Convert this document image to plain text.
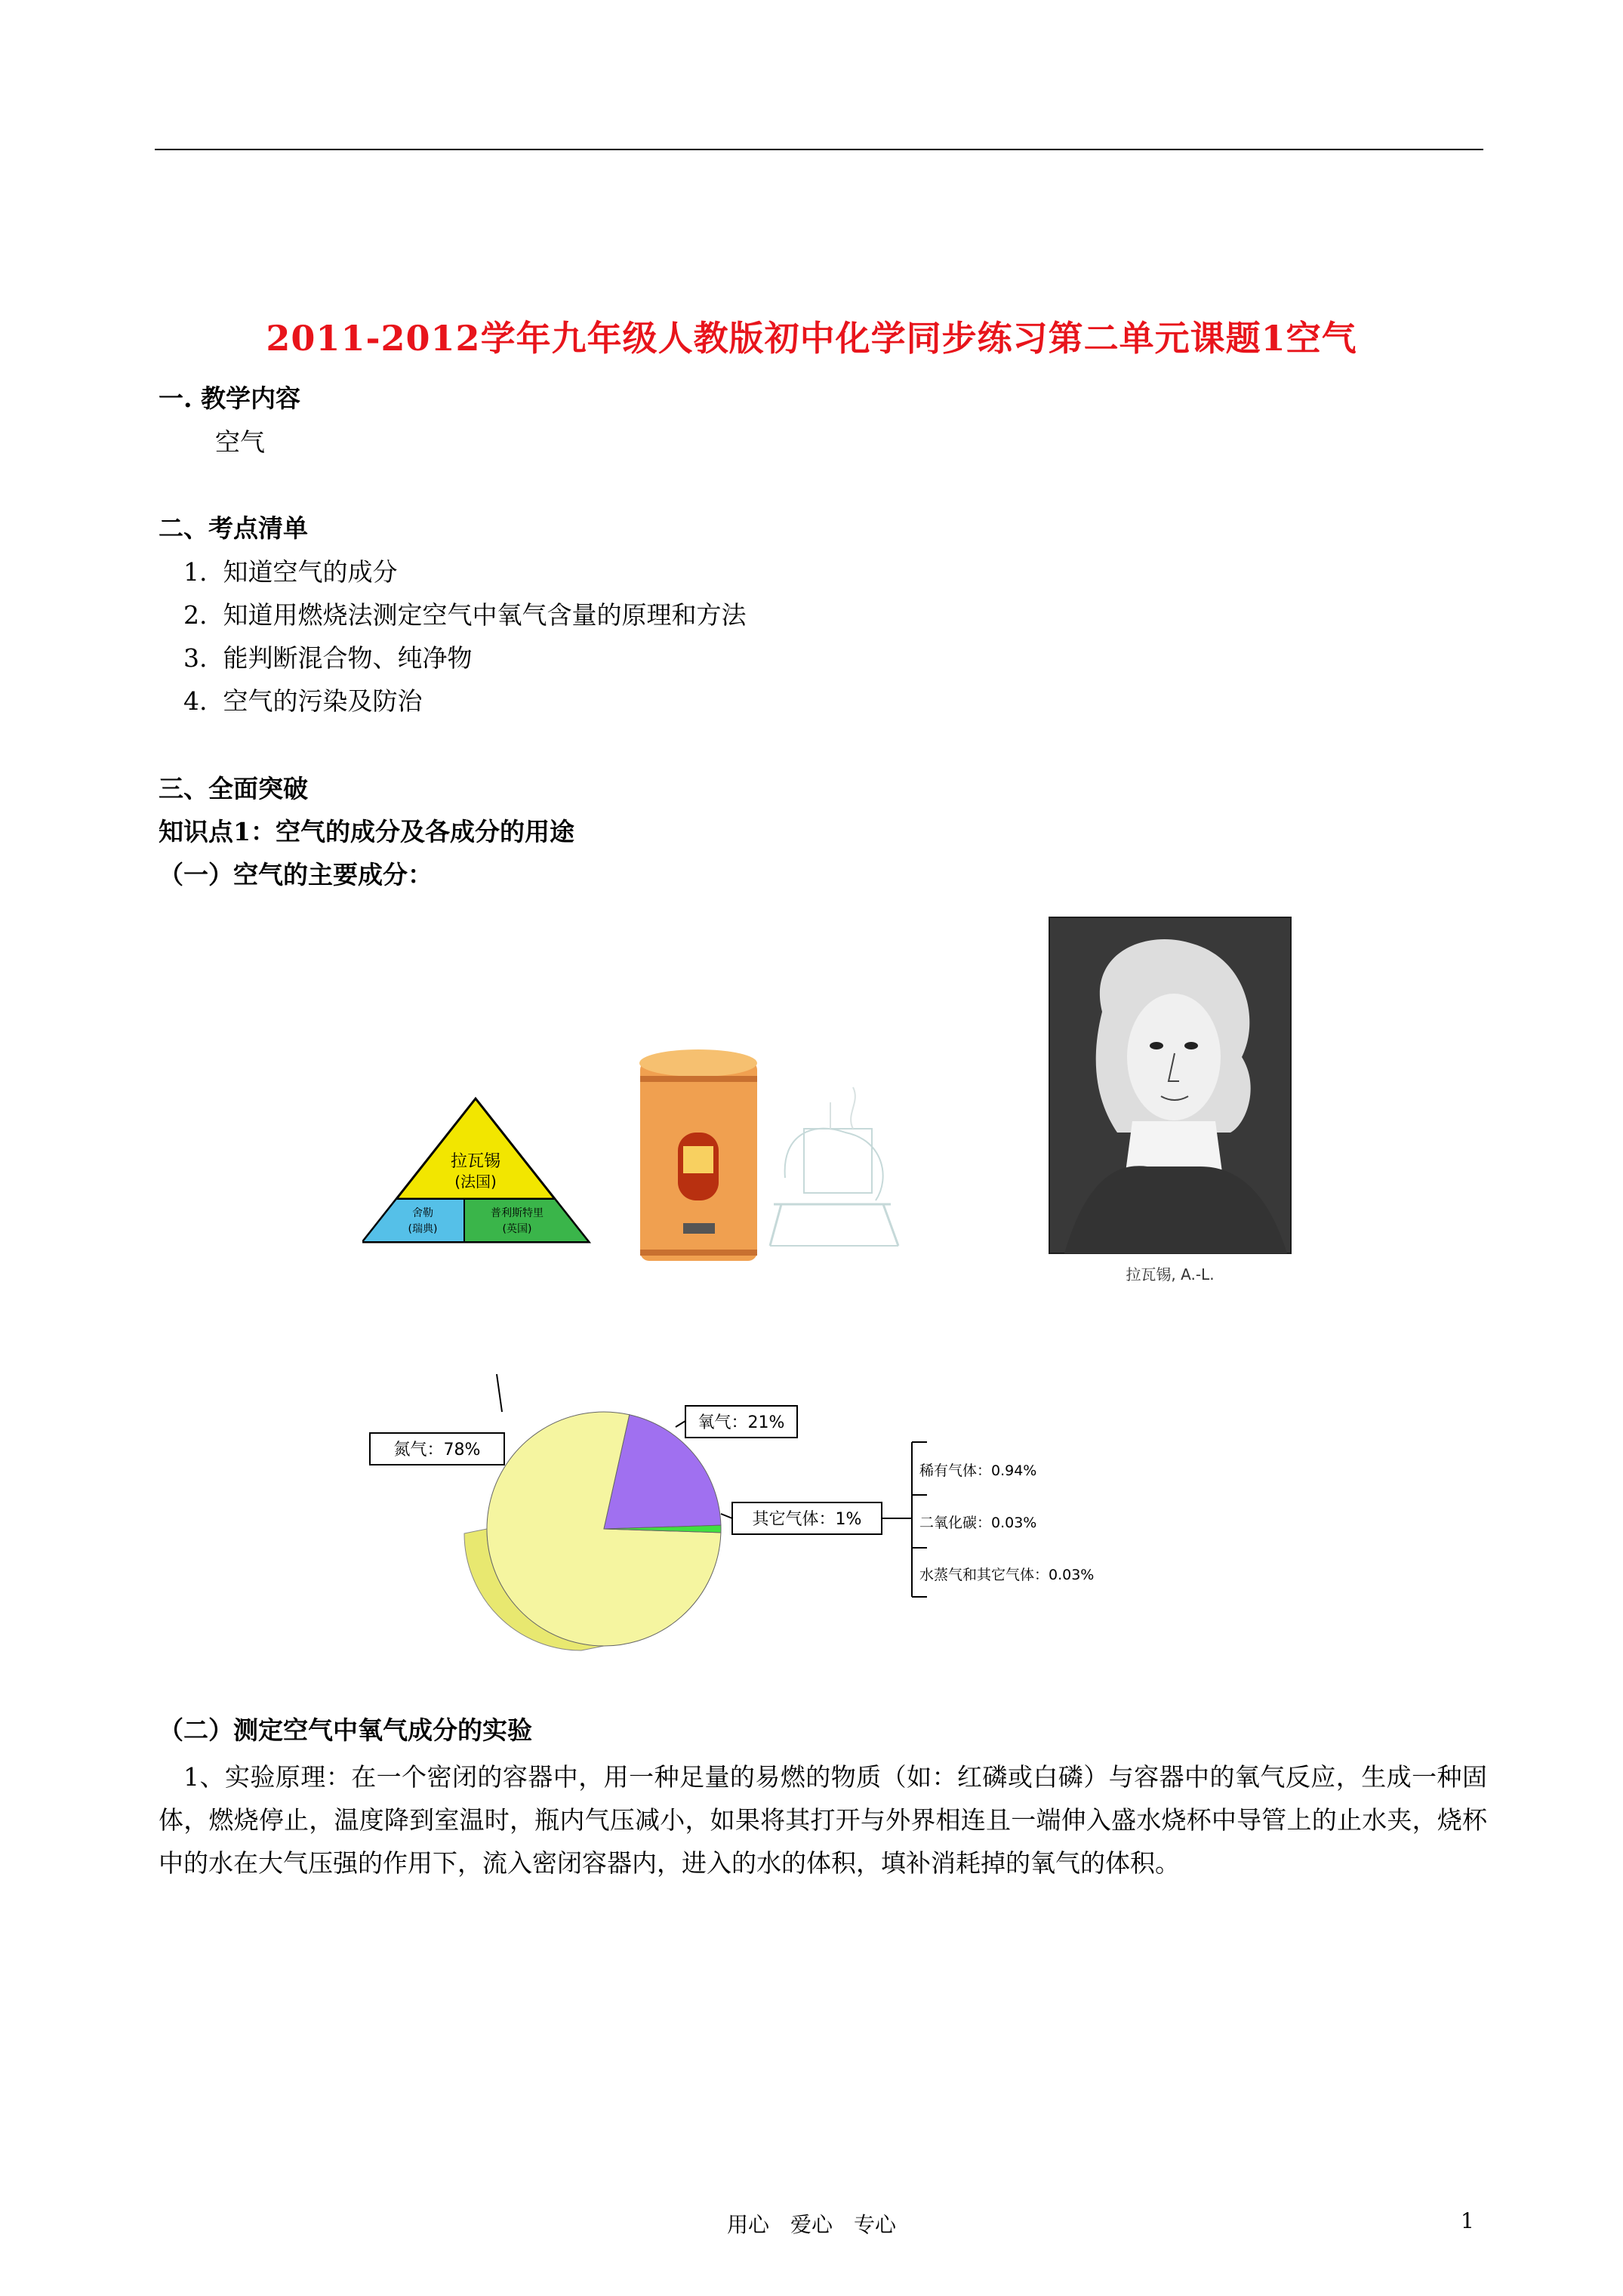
2011-2012学年九年级人教版初中化学同步练习第二单元课题1空气
一. 教学内容
空气
二、考点清单
1. 知道空气的成分
2. 知道用燃烧法测定空气中氧气含量的原理和方法
3. 能判断混合物、纯净物
4. 空气的污染及防治
三、全面突破
知识点1：空气的成分及各成分的用途
（一）空气的主要成分：
拉瓦锡
(法国)
舍勒
(瑞典)
普利斯特里
(英国)
拉瓦锡, A.-L.
氮气：78%
氧气：21%
其它气体：1%
稀有气体：0.94%
二氧化碳：0.03%
水蒸气和其它气体：0.03%
（二）测定空气中氧气成分的实验

1、实验原理：在一个密闭的容器中，用一种足量的易燃的物质（如：红磷或白磷）与容器中的氧气反应，生成一种固体，燃烧停止，温度降到室温时，瓶内气压减小，如果将其打开与外界相连且一端伸入盛水烧杯中导管上的止水夹，烧杯中的水在大气压强的作用下，流入密闭容器内，进入的水的体积，填补消耗掉的氧气的体积。

用心　爱心　专心	1
